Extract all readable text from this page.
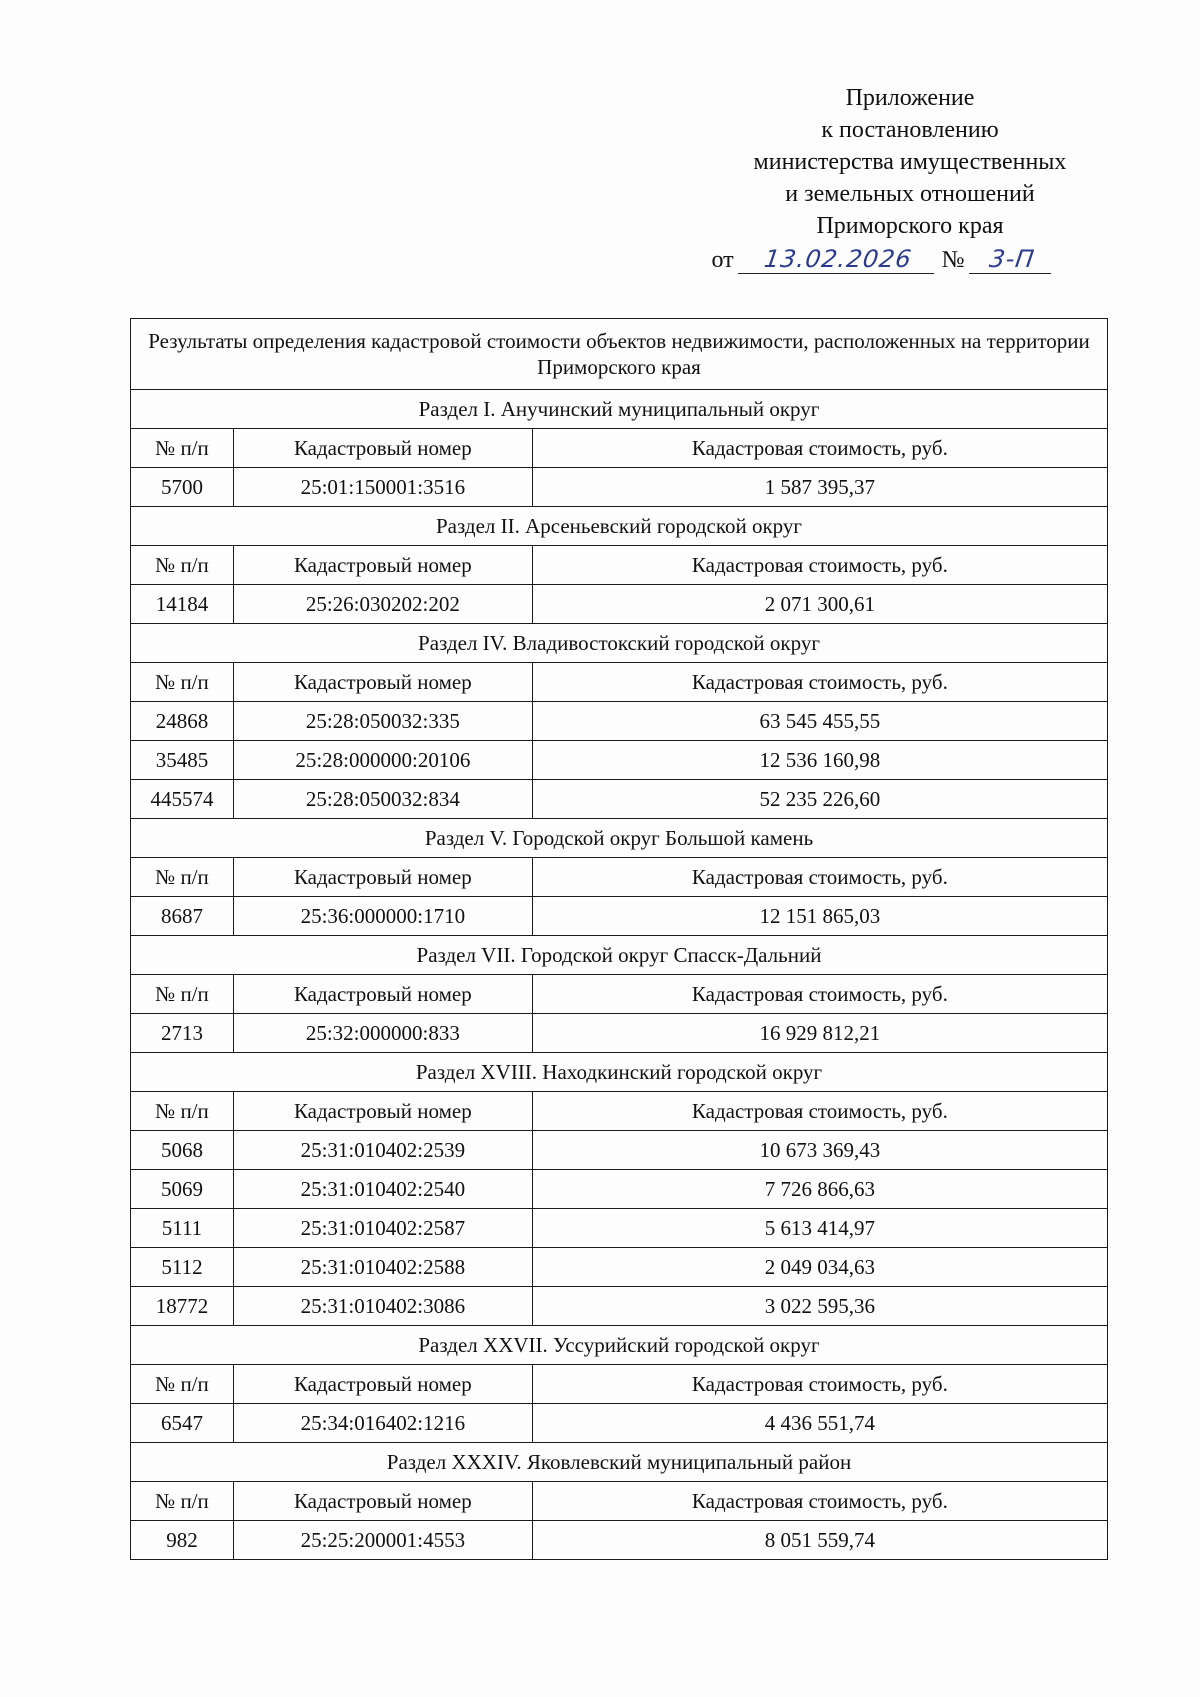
Приложение
к постановлению
министерства имущественных
и земельных отношений
Приморского края
от 13.02.2026 № 3-П
Результаты определения кадастровой стоимости объектов недвижимости, расположенных на территории Приморского края		
Раздел I. Анучинский муниципальный округ		
№ п/п	Кадастровый номер	Кадастровая стоимость, руб.
5700	25:01:150001:3516	1 587 395,37
Раздел II. Арсеньевский городской округ		
№ п/п	Кадастровый номер	Кадастровая стоимость, руб.
14184	25:26:030202:202	2 071 300,61
Раздел IV. Владивостокский городской округ		
№ п/п	Кадастровый номер	Кадастровая стоимость, руб.
24868	25:28:050032:335	63 545 455,55
35485	25:28:000000:20106	12 536 160,98
445574	25:28:050032:834	52 235 226,60
Раздел V. Городской округ Большой камень		
№ п/п	Кадастровый номер	Кадастровая стоимость, руб.
8687	25:36:000000:1710	12 151 865,03
Раздел VII. Городской округ Спасск-Дальний		
№ п/п	Кадастровый номер	Кадастровая стоимость, руб.
2713	25:32:000000:833	16 929 812,21
Раздел XVIII. Находкинский городской округ		
№ п/п	Кадастровый номер	Кадастровая стоимость, руб.
5068	25:31:010402:2539	10 673 369,43
5069	25:31:010402:2540	7 726 866,63
5111	25:31:010402:2587	5 613 414,97
5112	25:31:010402:2588	2 049 034,63
18772	25:31:010402:3086	3 022 595,36
Раздел XXVII. Уссурийский городской округ		
№ п/п	Кадастровый номер	Кадастровая стоимость, руб.
6547	25:34:016402:1216	4 436 551,74
Раздел XXXIV. Яковлевский муниципальный район		
№ п/п	Кадастровый номер	Кадастровая стоимость, руб.
982	25:25:200001:4553	8 051 559,74
